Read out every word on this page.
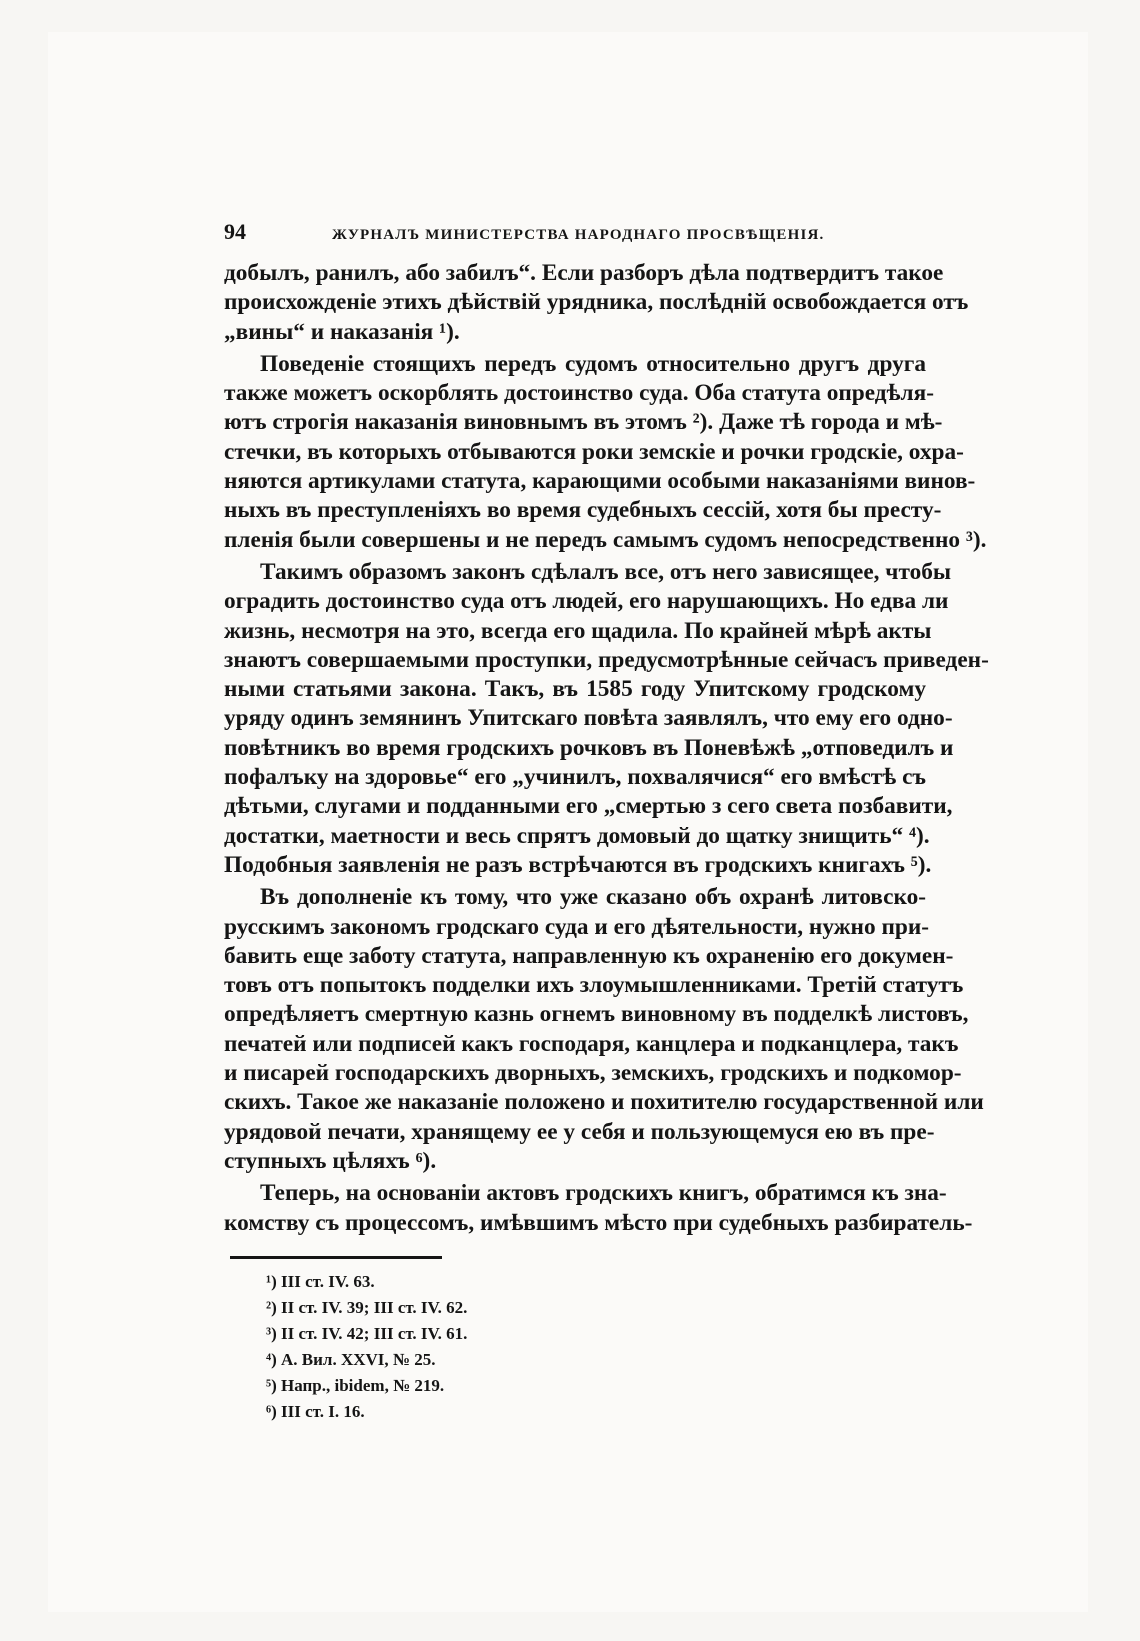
94	ЖУРНАЛЪ МИНИСТЕРСТВА НАРОДНАГО ПРОСВѢЩЕНІЯ.
добылъ, ранилъ, або забилъ“. Если разборъ дѣла подтвердитъ такое
происхожденіе этихъ дѣйствій урядника, послѣдній освобождается отъ
„вины“ и наказанія ¹).
Поведеніе стоящихъ передъ судомъ относительно другъ друга
также можетъ оскорблять достоинство суда. Оба статута опредѣля-
ютъ строгія наказанія виновнымъ въ этомъ ²). Даже тѣ города и мѣ-
стечки, въ которыхъ отбываются роки земскіе и рочки гродскіе, охра-
няются артикулами статута, карающими особыми наказаніями винов-
ныхъ въ преступленіяхъ во время судебныхъ сессій, хотя бы престу-
пленія были совершены и не передъ самымъ судомъ непосредственно ³).
Такимъ образомъ законъ сдѣлалъ все, отъ него зависящее, чтобы
оградить достоинство суда отъ людей, его нарушающихъ. Но едва ли
жизнь, несмотря на это, всегда его щадила. По крайней мѣрѣ акты
знаютъ совершаемыми проступки, предусмотрѣнные сейчасъ приведен-
ными статьями закона. Такъ, въ 1585 году Упитскому гродскому
уряду одинъ земянинъ Упитскаго повѣта заявлялъ, что ему его одно-
повѣтникъ во время гродскихъ рочковъ въ Поневѣжѣ „отповедилъ и
пофалъку на здоровье“ его „учинилъ, похвалячися“ его вмѣстѣ съ
дѣтьми, слугами и подданными его „смертью з сего света позбавити,
достатки, маетности и весь спрятъ домовый до щатку знищить“ ⁴).
Подобныя заявленія не разъ встрѣчаются въ гродскихъ книгахъ ⁵).
Въ дополненіе къ тому, что уже сказано объ охранѣ литовско-
русскимъ закономъ гродскаго суда и его дѣятельности, нужно при-
бавить еще заботу статута, направленную къ охраненію его докумен-
товъ отъ попытокъ подделки ихъ злоумышленниками. Третій статутъ
опредѣляетъ смертную казнь огнемъ виновному въ подделкѣ листовъ,
печатей или подписей какъ господаря, канцлера и подканцлера, такъ
и писарей господарскихъ дворныхъ, земскихъ, гродскихъ и подкомор-
скихъ. Такое же наказаніе положено и похитителю государственной или
урядовой печати, хранящему ее у себя и пользующемуся ею въ пре-
ступныхъ цѣляхъ ⁶).
Теперь, на основаніи актовъ гродскихъ книгъ, обратимся къ зна-
комству съ процессомъ, имѣвшимъ мѣсто при судебныхъ разбиратель-
¹) III ст. IV. 63.
²) II ст. IV. 39; III ст. IV. 62.
³) II ст. IV. 42; III ст. IV. 61.
⁴) А. Вил. XXVI, № 25.
⁵) Напр., ibidem, № 219.
⁶) III ст. I. 16.
